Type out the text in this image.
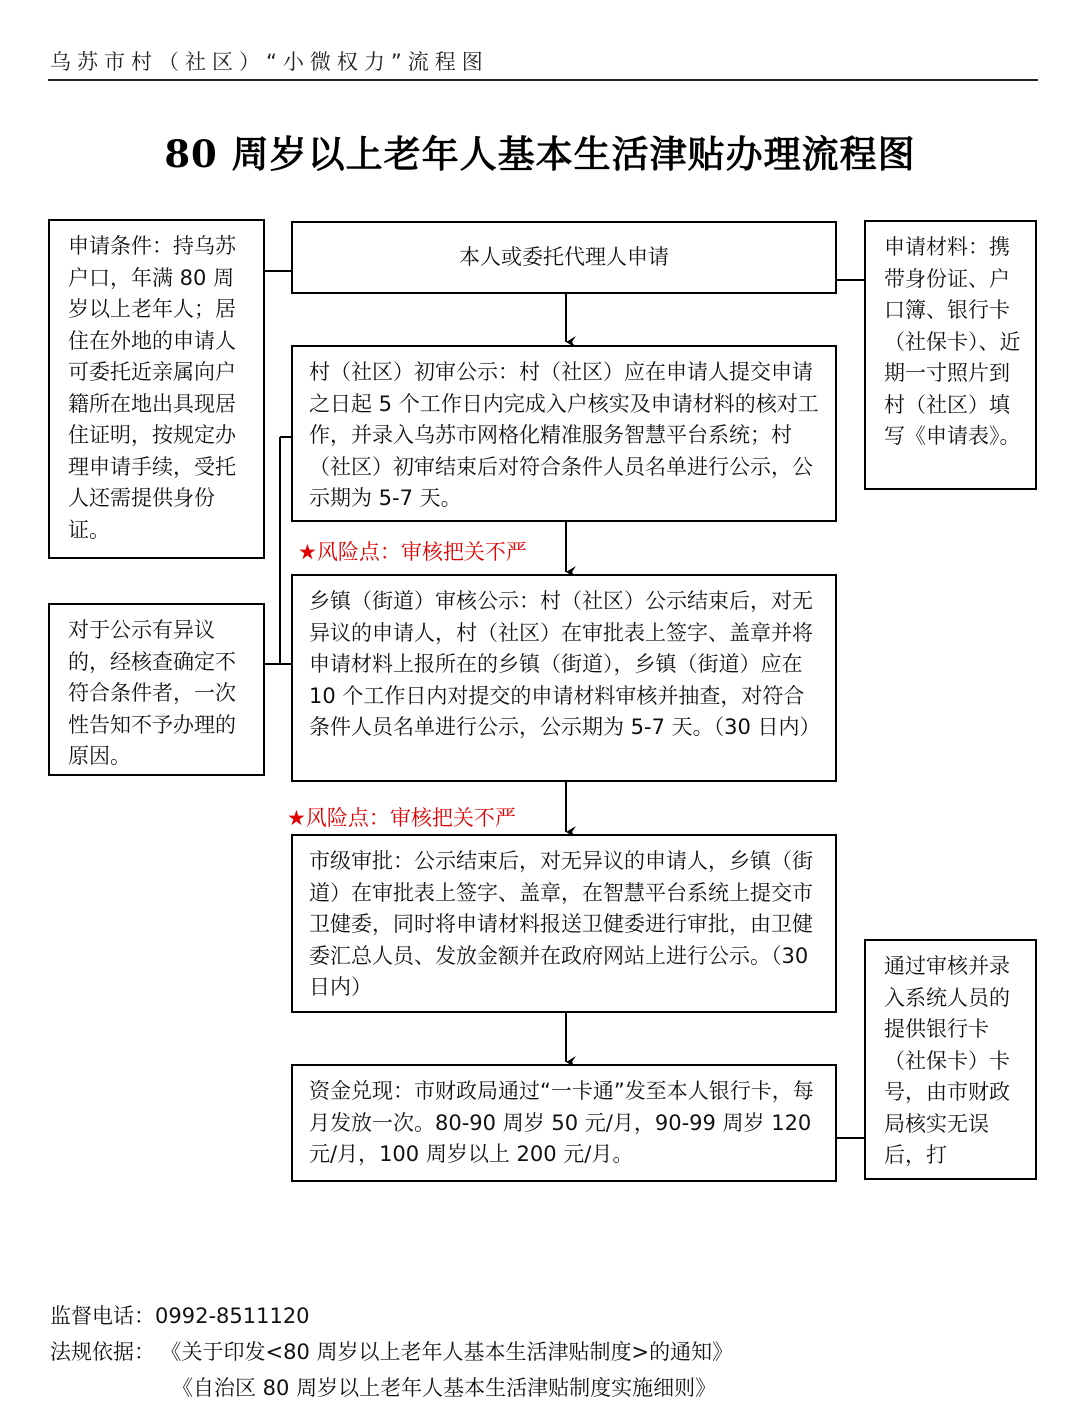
乌苏市村（社区）“小微权力”流程图
80 周岁以上老年人基本生活津贴办理流程图
申请条件：持乌苏户口，年满 80 周岁以上老年人；居住在外地的申请人可委托近亲属向户籍所在地出具现居住证明，按规定办理申请手续，受托人还需提供身份证。
对于公示有异议的，经核查确定不符合条件者，一次性告知不予办理的原因。
申请材料：携带身份证、户口簿、银行卡（社保卡）、近期一寸照片到村（社区）填写《申请表》。
通过审核并录入系统人员的提供银行卡（社保卡）卡号，由市财政局核实无误后，打
本人或委托代理人申请
村（社区）初审公示：村（社区）应在申请人提交申请之日起 5 个工作日内完成入户核实及申请材料的核对工作，并录入乌苏市网格化精准服务智慧平台系统；村（社区）初审结束后对符合条件人员名单进行公示，公示期为 5-7 天。
★风险点：审核把关不严
乡镇（街道）审核公示：村（社区）公示结束后，对无异议的申请人，村（社区）在审批表上签字、盖章并将申请材料上报所在的乡镇（街道），乡镇（街道）应在 10 个工作日内对提交的申请材料审核并抽查，对符合条件人员名单进行公示，公示期为 5-7 天。（30 日内）
★风险点：审核把关不严
市级审批：公示结束后，对无异议的申请人，乡镇（街道）在审批表上签字、盖章，在智慧平台系统上提交市卫健委，同时将申请材料报送卫健委进行审批，由卫健委汇总人员、发放金额并在政府网站上进行公示。（30 日内）
资金兑现：市财政局通过“一卡通”发至本人银行卡，每月发放一次。80-90 周岁 50 元/月，90-99 周岁 120 元/月，100 周岁以上 200 元/月。
监督电话：0992-8511120
法规依据： 《关于印发<80 周岁以上老年人基本生活津贴制度>的通知》
《自治区 80 周岁以上老年人基本生活津贴制度实施细则》
